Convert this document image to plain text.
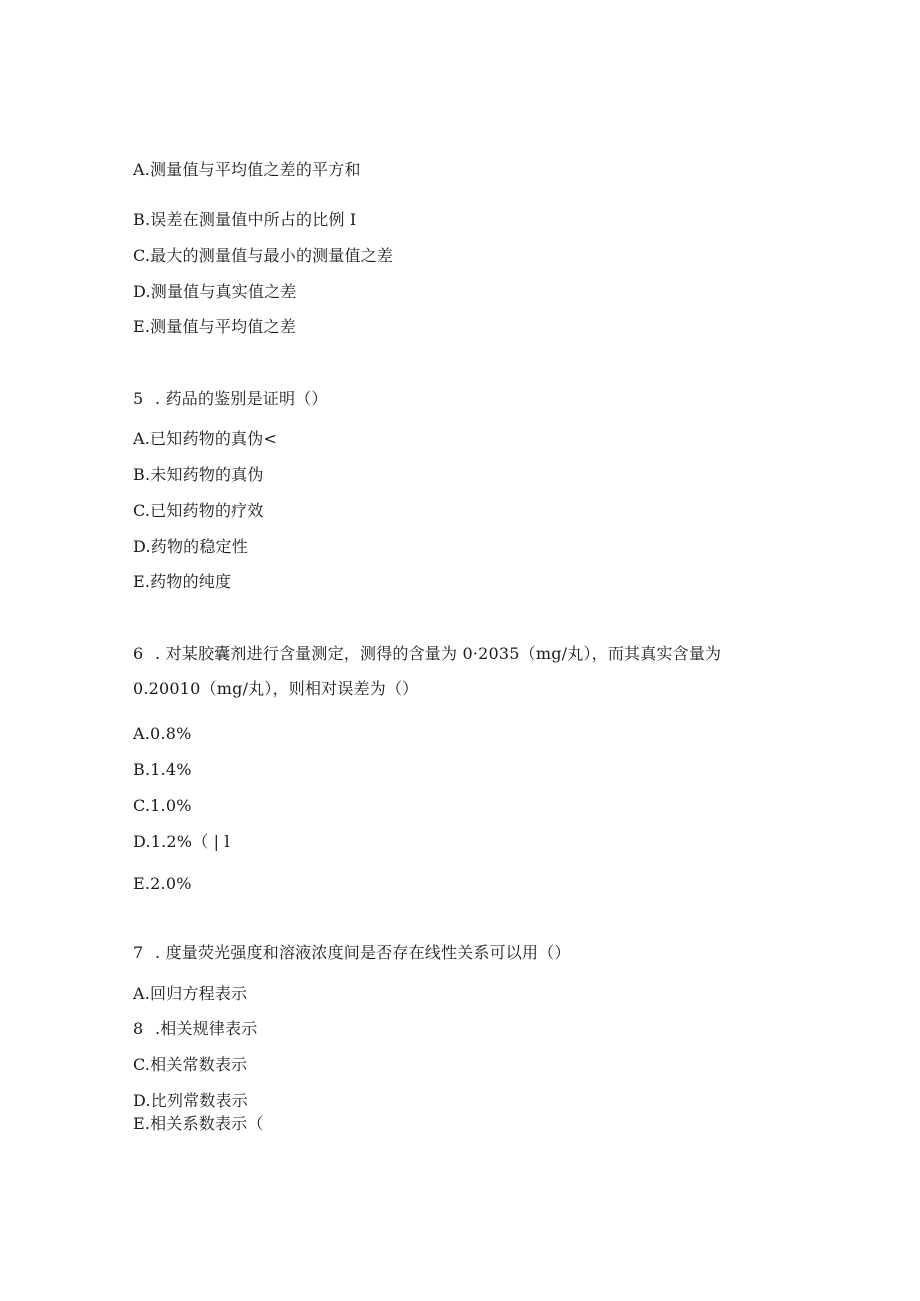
A.测量值与平均值之差的平方和
B.误差在测量值中所占的比例 I
C.最大的测量值与最小的测量值之差
D.测量值与真实值之差
E.测量值与平均值之差
5 . 药品的鉴别是证明（）
A.已知药物的真伪<
B.未知药物的真伪
C.已知药物的疗效
D.药物的稳定性
E.药物的纯度
6 . 对某胶囊剂进行含量测定，测得的含量为 0·2035（mg/丸），而其真实含量为
0.20010（mg/丸），则相对误差为（）
A.0.8%
B.1.4%
C.1.0%
D.1.2%（ | l
E.2.0%
7 . 度量荧光强度和溶液浓度间是否存在线性关系可以用（）
A.回归方程表示
8 .相关规律表示
C.相关常数表示
D.比列常数表示
E.相关系数表示（
